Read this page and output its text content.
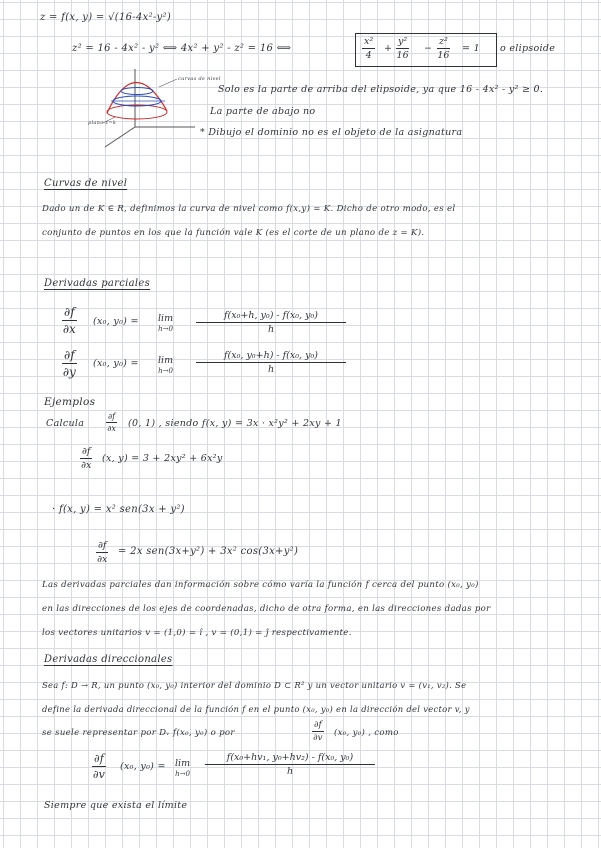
z = f(x, y) = √(16-4x²-y²)
z² = 16 - 4x² - y² ⟺ 4x² + y² - z² = 16 ⟺	$\frac{\text{x²}}{4} + \frac{\text{y²}}{16} - \frac{\text{z²}}{16} = 1$ o elipsoide
curvas de nivel
plano z=k
Solo es la parte de arriba del elipsoide, ya que 16 - 4x² - y² ≥ 0.
La parte de abajo no
* Dibujo el dominio no es el objeto de la asignatura
Curvas de nivel
Dado un de K ∈ R, definimos la curva de nivel como f(x,y) = K. Dicho de otro modo, es el
conjunto de puntos en los que la función vale K (es el corte de un plano de z = K).
Derivadas parciales
$\frac{\partial f}{\partial x} (x_0$, y₀) = lim
$h\to 0 \frac{\text{f(x₀+h, y₀) - f(x₀, y₀)}}{h}$
$\frac{\partial f}{\partial y} (x_0$, y₀) = lim
$h\to 0 \frac{\text{f(x₀, y₀+h) - f(x₀, y₀)}}{h}$
Ejemplos
Calcula	$\frac{\partial f}{\partial x} (0$, 1) , siendo f(x, y) = 3x · x²y² + 2xy + 1
$\frac{\partial f}{\partial x} (x$, y) = 3 + 2xy² + 6x²y
· f(x, y) = x² sen(3x + y²)
$\frac{\partial f}{\partial x} = 2x$ sen(3x+y²) + 3x² cos(3x+y²)
Las derivadas parciales dan información sobre cómo varía la función f cerca del punto (x₀, y₀)
en las direcciones de los ejes de coordenadas, dicho de otra forma, en las direcciones dadas por
los vectores unitarios v = (1,0) = î , v = (0,1) = ĵ respectivamente.
Derivadas direccionales
Sea f: D → R, un punto (x₀, y₀) interior del dominio D ⊂ R² y un vector unitario v = (v₁, v₂). Se
define la derivada direccional de la función f en el punto (x₀, y₀) en la dirección del vector v, y
se suele representar por Dᵥ f(x₀, y₀) o por	$\frac{\partial f}{\partial v} (x_0$, y₀) , como
$\frac{\partial f}{\partial v} (x_0$, y₀) = lim
$h\to 0 \frac{\text{f(x₀+hv₁, y₀+hv₂) - f(x₀, y₀)}}{h}$
Siempre que exista el límite
